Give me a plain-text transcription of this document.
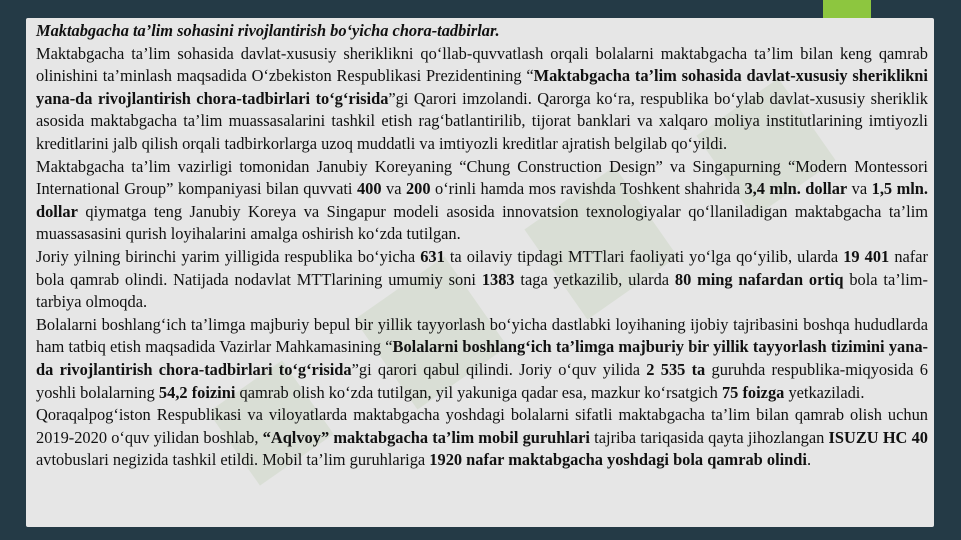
Maktabgacha ta’lim sohasini rivojlantirish bo‘yicha chora-tadbirlar.

Maktabgacha ta’lim sohasida davlat-xususiy sheriklikni qo‘llab-quvvatlash orqali bolalarni maktabgacha ta’lim bilan keng qamrab olinishini ta’minlash maqsadida O‘zbekiston Respublikasi Prezidentining “Maktabgacha ta’lim sohasida davlat-xususiy sheriklikni yana-da rivojlantirish chora-tadbirlari to‘g‘risida”gi Qarori imzolandi. Qarorga ko‘ra, respublika bo‘ylab davlat-xususiy sheriklik asosida maktabgacha ta’lim muassasalarini tashkil etish rag‘batlantirilib, tijorat banklari va xalqaro moliya institutlarining imtiyozli kreditlarini jalb qilish orqali tadbirkorlarga uzoq muddatli va imtiyozli kreditlar ajratish belgilab qo‘yildi.

Maktabgacha ta’lim vazirligi tomonidan Janubiy Koreyaning “Chung Construction Design” va Singapurning “Modern Montessori International Group” kompaniyasi bilan quvvati 400 va 200 o‘rinli hamda mos ravishda Toshkent shahrida 3,4 mln. dollar va 1,5 mln. dollar qiymatga teng Janubiy Koreya va Singapur modeli asosida innovatsion texnologiyalar qo‘llaniladigan maktabgacha ta’lim muassasasini qurish loyihalarini amalga oshirish ko‘zda tutilgan.

Joriy yilning birinchi yarim yilligida respublika bo‘yicha 631 ta oilaviy tipdagi MTTlari faoliyati yo‘lga qo‘yilib, ularda 19 401 nafar bola qamrab olindi. Natijada nodavlat MTTlarining umumiy soni 1383 taga yetkazilib, ularda 80 ming nafardan ortiq bola ta’lim-tarbiya olmoqda.

Bolalarni boshlang‘ich ta’limga majburiy bepul bir yillik tayyorlash bo‘yicha dastlabki loyihaning ijobiy tajribasini boshqa hududlarda ham tatbiq etish maqsadida Vazirlar Mahkamasining “Bolalarni boshlang‘ich ta’limga majburiy bir yillik tayyorlash tizimini yana-da rivojlantirish chora-tadbirlari to‘g‘risida”gi qarori qabul qilindi. Joriy o‘quv yilida 2 535 ta guruhda respublika-miqyosida 6 yoshli bolalarning 54,2 foizini qamrab olish ko‘zda tutilgan, yil yakuniga qadar esa, mazkur ko‘rsatgich 75 foizga yetkaziladi.

Qoraqalpog‘iston Respublikasi va viloyatlarda maktabgacha yoshdagi bolalarni sifatli maktabgacha ta’lim bilan qamrab olish uchun 2019-2020 o‘quv yilidan boshlab, “Aqlvoy” maktabgacha ta’lim mobil guruhlari tajriba tariqasida qayta jihozlangan ISUZU HC 40 avtobuslari negizida tashkil etildi. Mobil ta’lim guruhlariga 1920 nafar maktabgacha yoshdagi bola qamrab olindi.
